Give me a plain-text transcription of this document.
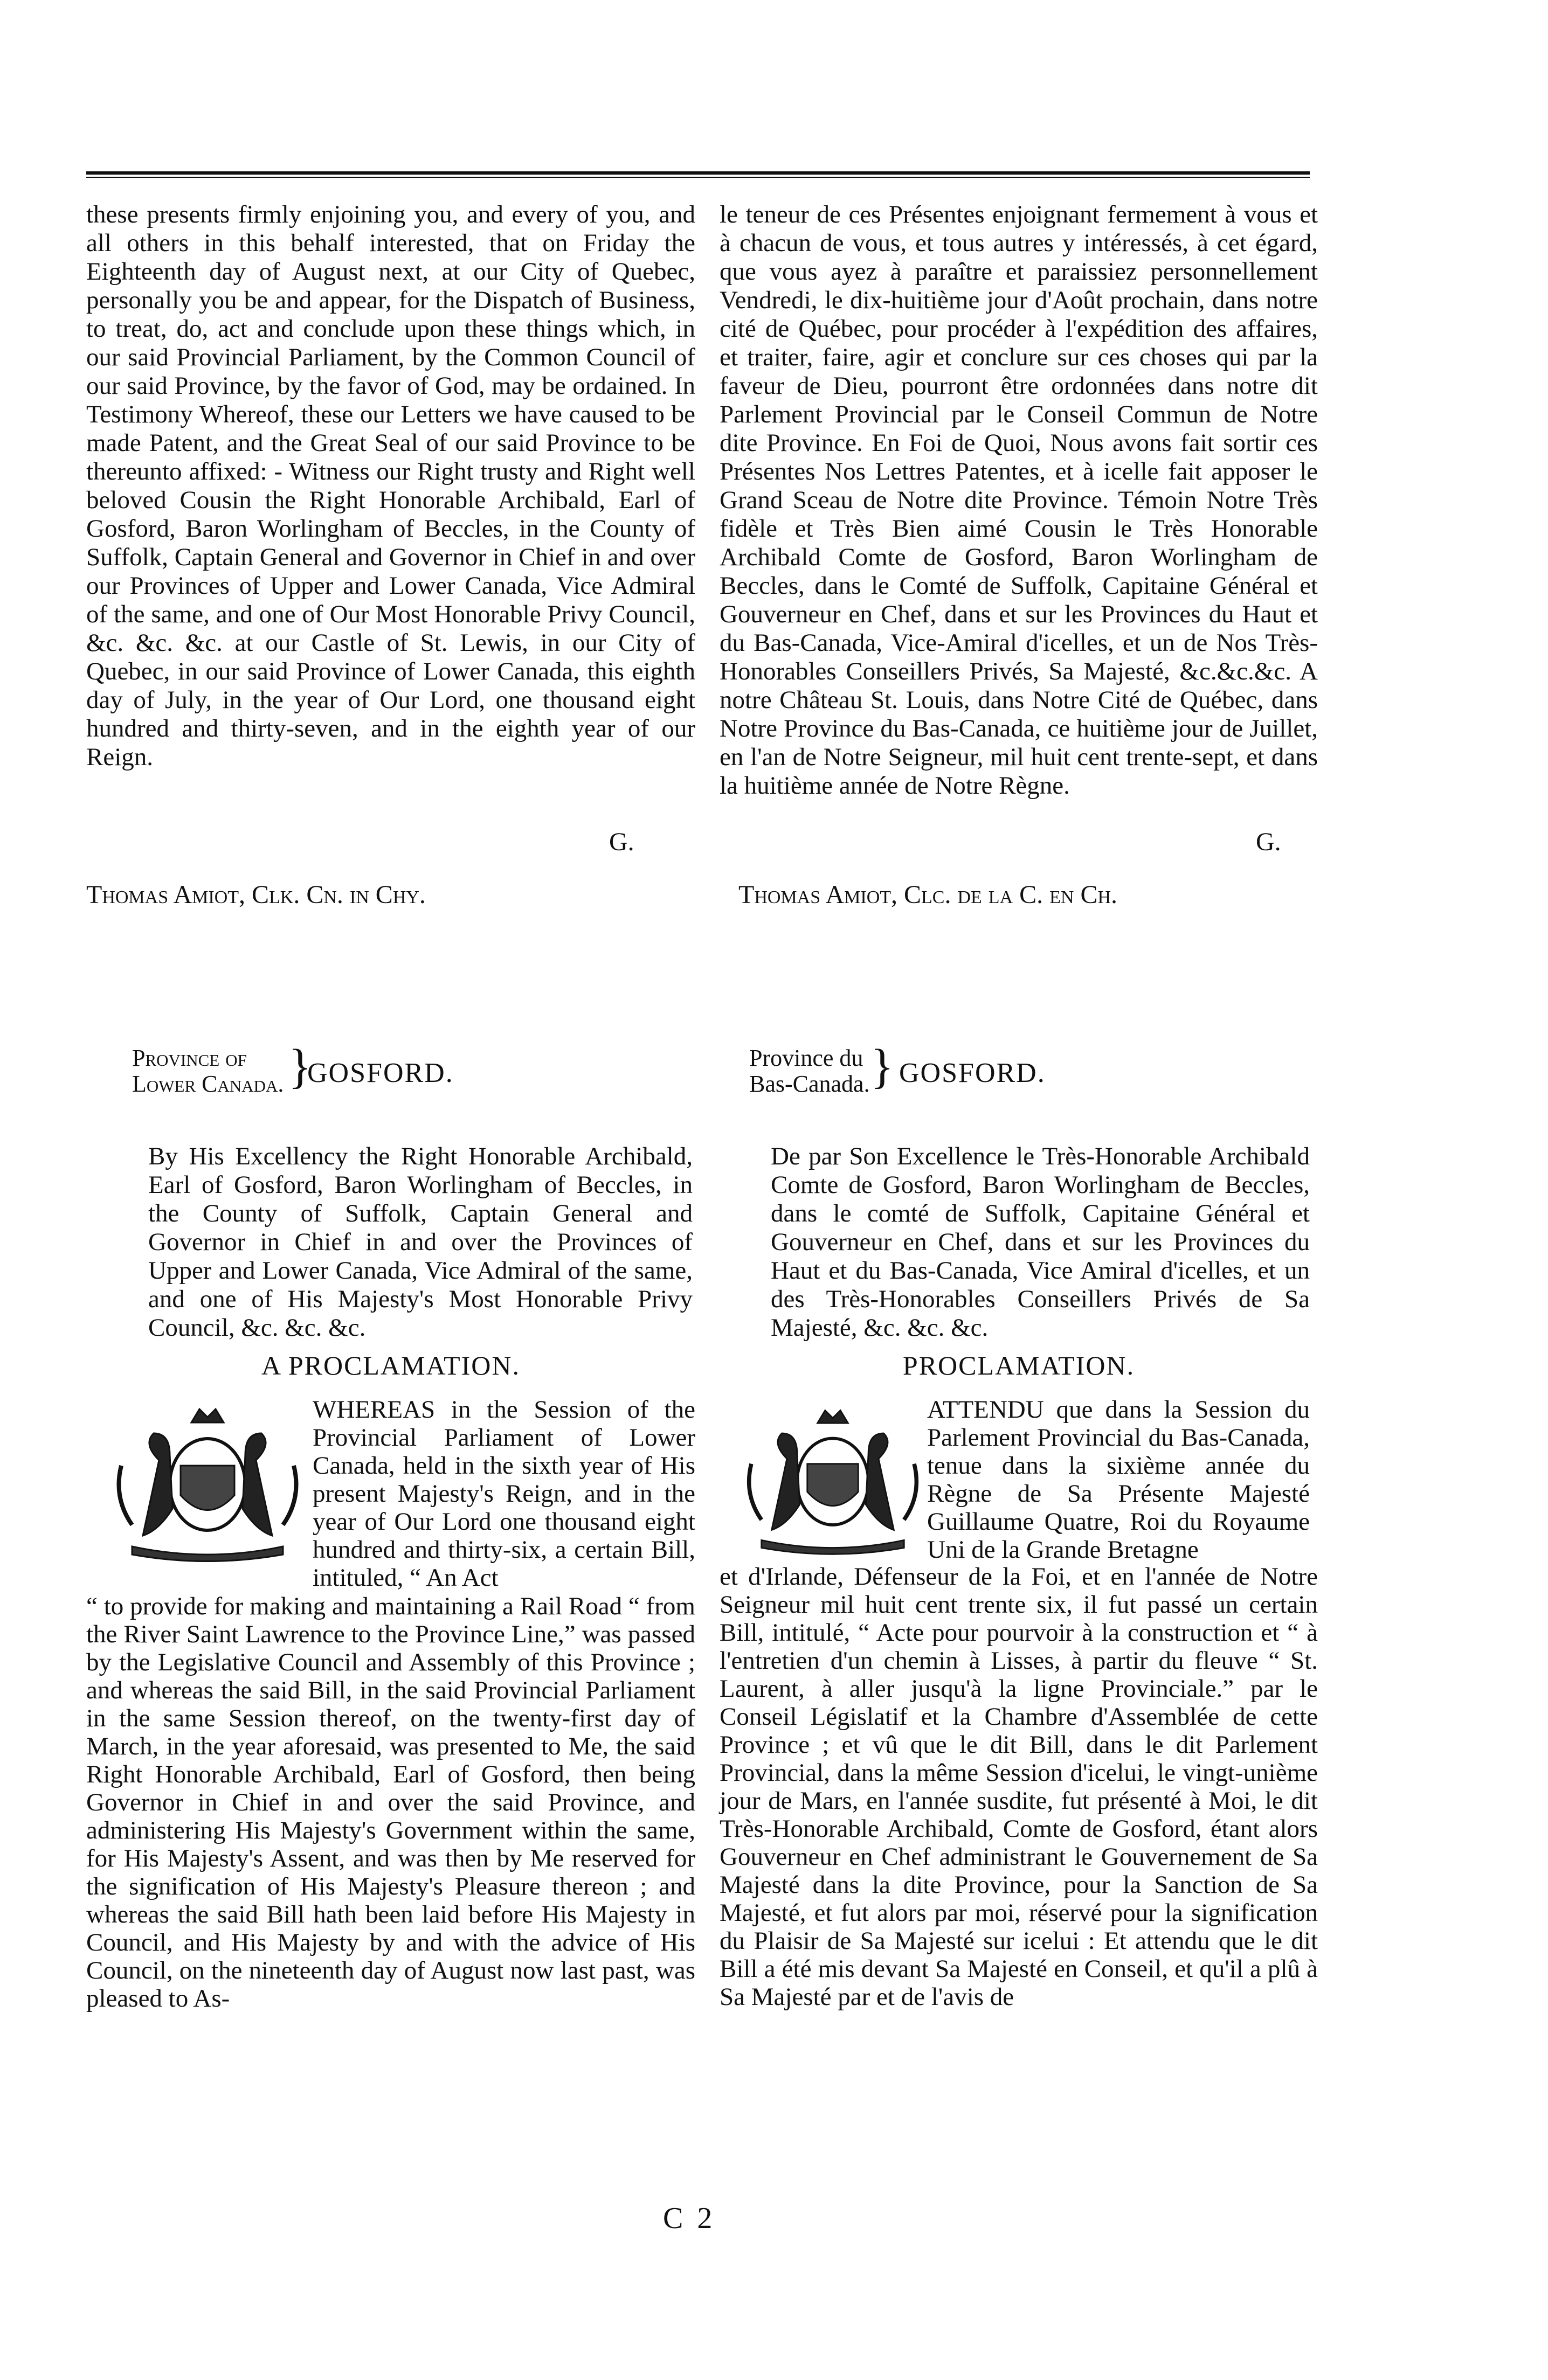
these presents firmly enjoining you, and every of you, and all others in this behalf interested, that on Friday the Eighteenth day of August next, at our City of Quebec, personally you be and appear, for the Dispatch of Business, to treat, do, act and conclude upon these things which, in our said Provincial Parliament, by the Common Council of our said Province, by the favor of God, may be ordained. In Testimony Whereof, these our Letters we have caused to be made Patent, and the Great Seal of our said Province to be thereunto affixed: - Witness our Right trusty and Right well beloved Cousin the Right Honorable Archibald, Earl of Gosford, Baron Worlingham of Beccles, in the County of Suffolk, Captain General and Governor in Chief in and over our Provinces of Upper and Lower Canada, Vice Admiral of the same, and one of Our Most Honorable Privy Council, &c. &c. &c. at our Castle of St. Lewis, in our City of Quebec, in our said Province of Lower Canada, this eighth day of July, in the year of Our Lord, one thousand eight hundred and thirty-seven, and in the eighth year of our Reign.

le teneur de ces Présentes enjoignant fermement à vous et à chacun de vous, et tous autres y intéressés, à cet égard, que vous ayez à paraître et paraissiez personnellement Vendredi, le dix-huitième jour d'Août prochain, dans notre cité de Québec, pour procéder à l'expédition des affaires, et traiter, faire, agir et conclure sur ces choses qui par la faveur de Dieu, pourront être ordonnées dans notre dit Parlement Provincial par le Conseil Commun de Notre dite Province. En Foi de Quoi, Nous avons fait sortir ces Présentes Nos Lettres Patentes, et à icelle fait apposer le Grand Sceau de Notre dite Province. Témoin Notre Très fidèle et Très Bien aimé Cousin le Très Honorable Archibald Comte de Gosford, Baron Worlingham de Beccles, dans le Comté de Suffolk, Capitaine Général et Gouverneur en Chef, dans et sur les Provinces du Haut et du Bas-Canada, Vice-Amiral d'icelles, et un de Nos Très-Honorables Conseillers Privés, Sa Majesté, &c.&c.&c. A notre Château St. Louis, dans Notre Cité de Québec, dans Notre Province du Bas-Canada, ce huitième jour de Juillet, en l'an de Notre Seigneur, mil huit cent trente-sept, et dans la huitième année de Notre Règne.

G.	G.
Thomas Amiot, Clk. Cn. in Chy.	Thomas Amiot, Clc. de la C. en Ch.
Province of
Lower Canada. }
GOSFORD.	Province du
Bas-Canada. } GOSFORD.
By His Excellency the Right Honorable Archibald, Earl of Gosford, Baron Worlingham of Beccles, in the County of Suffolk, Captain General and Governor in Chief in and over the Provinces of Upper and Lower Canada, Vice Admiral of the same, and one of His Majesty's Most Honorable Privy Council, &c. &c. &c.
De par Son Excellence le Très-Honorable Archibald Comte de Gosford, Baron Worlingham de Beccles, dans le comté de Suffolk, Capitaine Général et Gouverneur en Chef, dans et sur les Provinces du Haut et du Bas-Canada, Vice Amiral d'icelles, et un des Très-Honorables Conseillers Privés de Sa Majesté, &c. &c. &c.
A PROCLAMATION.	PROCLAMATION.
WHEREAS in the Session of the Provincial Parliament of Lower Canada, held in the sixth year of His present Majesty's Reign, and in the year of Our Lord one thousand eight hundred and thirty-six, a certain Bill, intituled, “ An Act
“ to provide for making and maintaining a Rail Road “ from the River Saint Lawrence to the Province Line,” was passed by the Legislative Council and Assembly of this Province ; and whereas the said Bill, in the said Provincial Parliament in the same Session thereof, on the twenty-first day of March, in the year aforesaid, was presented to Me, the said Right Honorable Archibald, Earl of Gosford, then being Governor in Chief in and over the said Province, and administering His Majesty's Government within the same, for His Majesty's Assent, and was then by Me reserved for the signification of His Majesty's Pleasure thereon ; and whereas the said Bill hath been laid before His Majesty in Council, and His Majesty by and with the advice of His Council, on the nineteenth day of August now last past, was pleased to As-
ATTENDU que dans la Session du Parlement Provincial du Bas-Canada, tenue dans la sixième année du Règne de Sa Présente Majesté Guillaume Quatre, Roi du Royaume Uni de la Grande Bretagne
et d'Irlande, Défenseur de la Foi, et en l'année de Notre Seigneur mil huit cent trente six, il fut passé un certain Bill, intitulé, “ Acte pour pourvoir à la construction et “ à l'entretien d'un chemin à Lisses, à partir du fleuve “ St. Laurent, à aller jusqu'à la ligne Provinciale.” par le Conseil Législatif et la Chambre d'Assemblée de cette Province ; et vû que le dit Bill, dans le dit Parlement Provincial, dans la même Session d'icelui, le vingt-unième jour de Mars, en l'année susdite, fut présenté à Moi, le dit Très-Honorable Archibald, Comte de Gosford, étant alors Gouverneur en Chef administrant le Gouvernement de Sa Majesté dans la dite Province, pour la Sanction de Sa Majesté, et fut alors par moi, réservé pour la signification du Plaisir de Sa Majesté sur icelui : Et attendu que le dit Bill a été mis devant Sa Majesté en Conseil, et qu'il a plû à Sa Majesté par et de l'avis de
C 2
